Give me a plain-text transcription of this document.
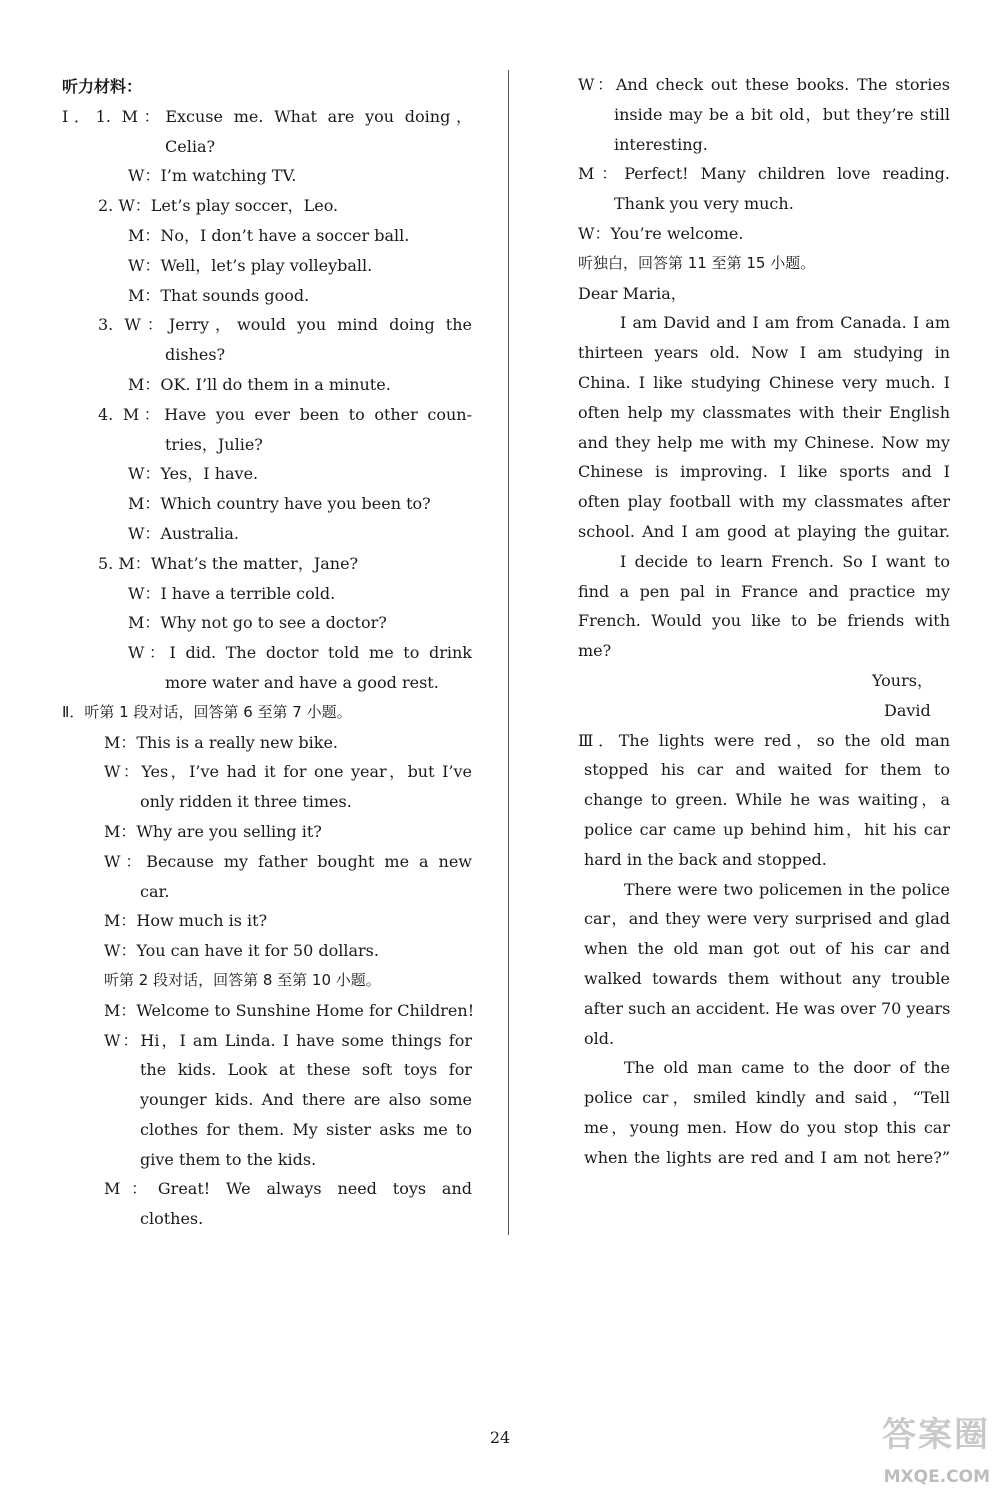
听力材料：
I．1. M：Excuse me. What are you doing，
Celia?
W：I’m watching TV.
2. W：Let’s play soccer，Leo.
M：No，I don’t have a soccer ball.
W：Well，let’s play volleyball.
M：That sounds good.
3. W：Jerry，would you mind doing the
dishes?
M：OK. I’ll do them in a minute.
4. M：Have you ever been to other coun-
tries，Julie?
W：Yes，I have.
M：Which country have you been to?
W：Australia.
5. M：What’s the matter，Jane?
W：I have a terrible cold.
M：Why not go to see a doctor?
W：I did. The doctor told me to drink
more water and have a good rest.
Ⅱ．听第 1 段对话，回答第 6 至第 7 小题。
M：This is a really new bike.
W：Yes，I’ve had it for one year，but I’ve
only ridden it three times.
M：Why are you selling it?
W：Because my father bought me a new
car.
M：How much is it?
W：You can have it for 50 dollars.
听第 2 段对话，回答第 8 至第 10 小题。
M：Welcome to Sunshine Home for Children!
W：Hi，I am Linda. I have some things for
the kids. Look at these soft toys for
younger kids. And there are also some
clothes for them. My sister asks me to
give them to the kids.
M：Great! We always need toys and
clothes.
W：And check out these books. The stories
inside may be a bit old，but they’re still
interesting.
M：Perfect! Many children love reading.
Thank you very much.
W：You’re welcome.
听独白，回答第 11 至第 15 小题。
Dear Maria，
I am David and I am from Canada. I am
thirteen years old. Now I am studying in
China. I like studying Chinese very much. I
often help my classmates with their English
and they help me with my Chinese. Now my
Chinese is improving. I like sports and I
often play football with my classmates after
school. And I am good at playing the guitar.
I decide to learn French. So I want to
find a pen pal in France and practice my
French. Would you like to be friends with
me?
Yours，
David
Ⅲ．The lights were red，so the old man
stopped his car and waited for them to
change to green. While he was waiting，a
police car came up behind him，hit his car
hard in the back and stopped.
There were two policemen in the police
car，and they were very surprised and glad
when the old man got out of his car and
walked towards them without any trouble
after such an accident. He was over 70 years
old.
The old man came to the door of the
police car，smiled kindly and said，“Tell
me，young men. How do you stop this car
when the lights are red and I am not here?”
24	答案圈
MXQE.COM
